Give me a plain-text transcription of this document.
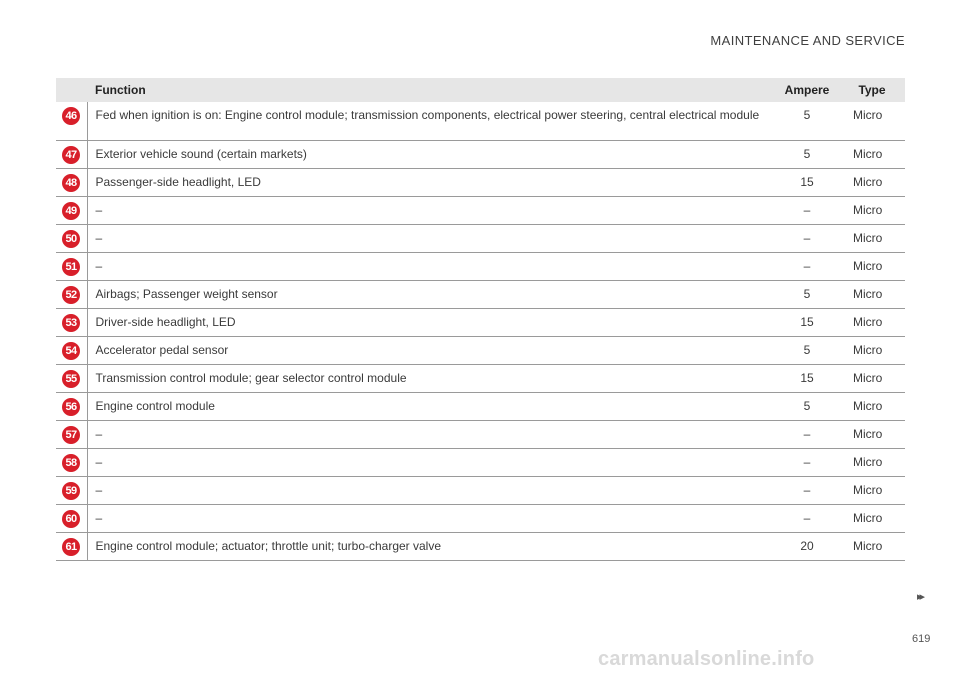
MAINTENANCE AND SERVICE
	Function	Ampere	Type
46	Fed when ignition is on: Engine control module; transmission components, electrical power steering, central electrical module	5	Micro
47	Exterior vehicle sound (certain markets)	5	Micro
48	Passenger-side headlight, LED	15	Micro
49	–	–	Micro
50	–	–	Micro
51	–	–	Micro
52	Airbags; Passenger weight sensor	5	Micro
53	Driver-side headlight, LED	15	Micro
54	Accelerator pedal sensor	5	Micro
55	Transmission control module; gear selector control module	15	Micro
56	Engine control module	5	Micro
57	–	–	Micro
58	–	–	Micro
59	–	–	Micro
60	–	–	Micro
61	Engine control module; actuator; throttle unit; turbo-charger valve	20	Micro
▸▸
619
carmanualsonline.info
